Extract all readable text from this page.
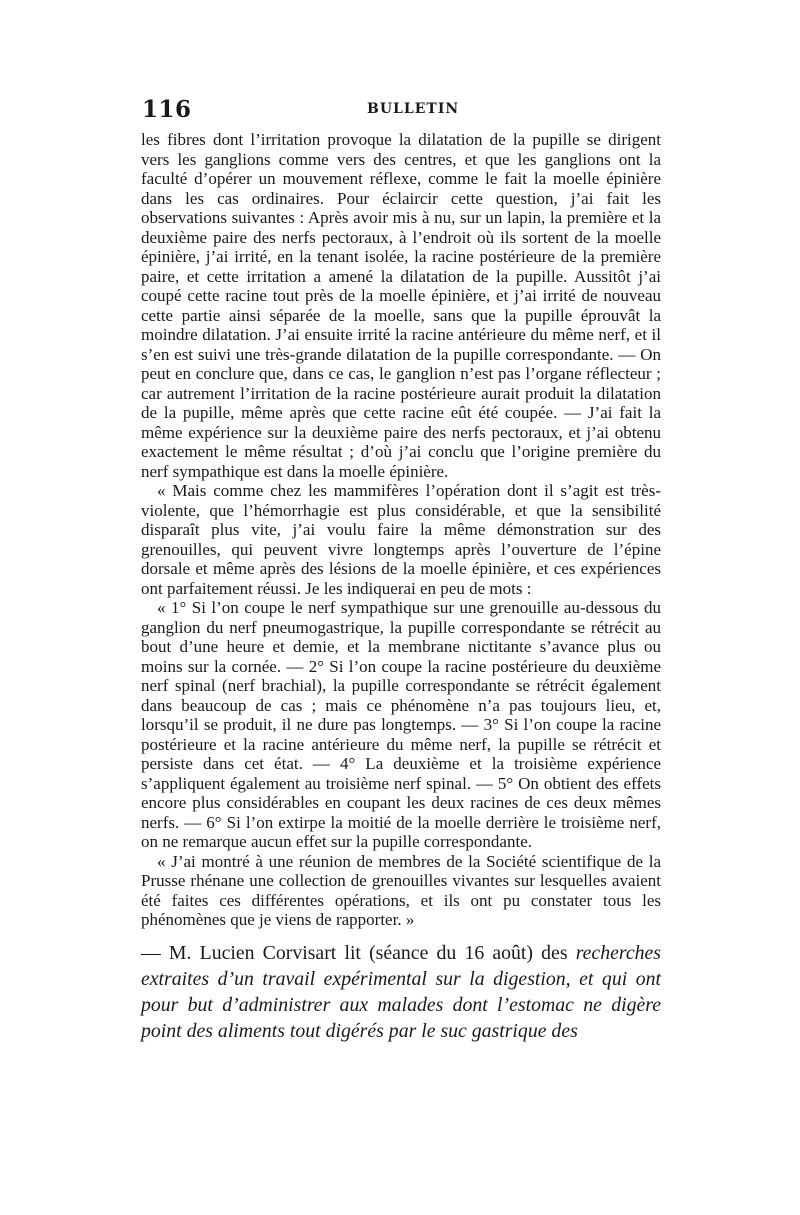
116	BULLETIN

les fibres dont l’irritation provoque la dilatation de la pupille se dirigent vers les ganglions comme vers des centres, et que les ganglions ont la faculté d’opérer un mouvement réflexe, comme le fait la moelle épinière dans les cas ordinaires. Pour éclaircir cette question, j’ai fait les observations suivantes : Après avoir mis à nu, sur un lapin, la première et la deuxième paire des nerfs pectoraux, à l’endroit où ils sortent de la moelle épinière, j’ai irrité, en la tenant isolée, la racine postérieure de la première paire, et cette irritation a amené la dilatation de la pupille. Aussitôt j’ai coupé cette racine tout près de la moelle épinière, et j’ai irrité de nouveau cette partie ainsi séparée de la moelle, sans que la pupille éprouvât la moindre dilatation. J’ai ensuite irrité la racine antérieure du même nerf, et il s’en est suivi une très-grande dilatation de la pupille correspondante. — On peut en conclure que, dans ce cas, le ganglion n’est pas l’organe réflecteur ; car autrement l’irritation de la racine postérieure aurait produit la dilatation de la pupille, même après que cette racine eût été coupée. — J’ai fait la même expérience sur la deuxième paire des nerfs pectoraux, et j’ai obtenu exactement le même résultat ; d’où j’ai conclu que l’origine première du nerf sympathique est dans la moelle épinière.

« Mais comme chez les mammifères l’opération dont il s’agit est très-violente, que l’hémorrhagie est plus considérable, et que la sensibilité disparaît plus vite, j’ai voulu faire la même démonstration sur des grenouilles, qui peuvent vivre longtemps après l’ouverture de l’épine dorsale et même après des lésions de la moelle épinière, et ces expériences ont parfaitement réussi. Je les indiquerai en peu de mots :

« 1° Si l’on coupe le nerf sympathique sur une grenouille au-dessous du ganglion du nerf pneumogastrique, la pupille correspondante se rétrécit au bout d’une heure et demie, et la membrane nictitante s’avance plus ou moins sur la cornée. — 2° Si l’on coupe la racine postérieure du deuxième nerf spinal (nerf brachial), la pupille correspondante se rétrécit également dans beaucoup de cas ; mais ce phénomène n’a pas toujours lieu, et, lorsqu’il se produit, il ne dure pas longtemps. — 3° Si l’on coupe la racine postérieure et la racine antérieure du même nerf, la pupille se rétrécit et persiste dans cet état. — 4° La deuxième et la troisième expérience s’appliquent également au troisième nerf spinal. — 5° On obtient des effets encore plus considérables en coupant les deux racines de ces deux mêmes nerfs. — 6° Si l’on extirpe la moitié de la moelle derrière le troisième nerf, on ne remarque aucun effet sur la pupille correspondante.

« J’ai montré à une réunion de membres de la Société scientifique de la Prusse rhénane une collection de grenouilles vivantes sur lesquelles avaient été faites ces différentes opérations, et ils ont pu constater tous les phénomènes que je viens de rapporter. »

— M. Lucien Corvisart lit (séance du 16 août) des recherches extraites d’un travail expérimental sur la digestion, et qui ont pour but d’administrer aux malades dont l’estomac ne digère point des aliments tout digérés par le suc gastrique des
